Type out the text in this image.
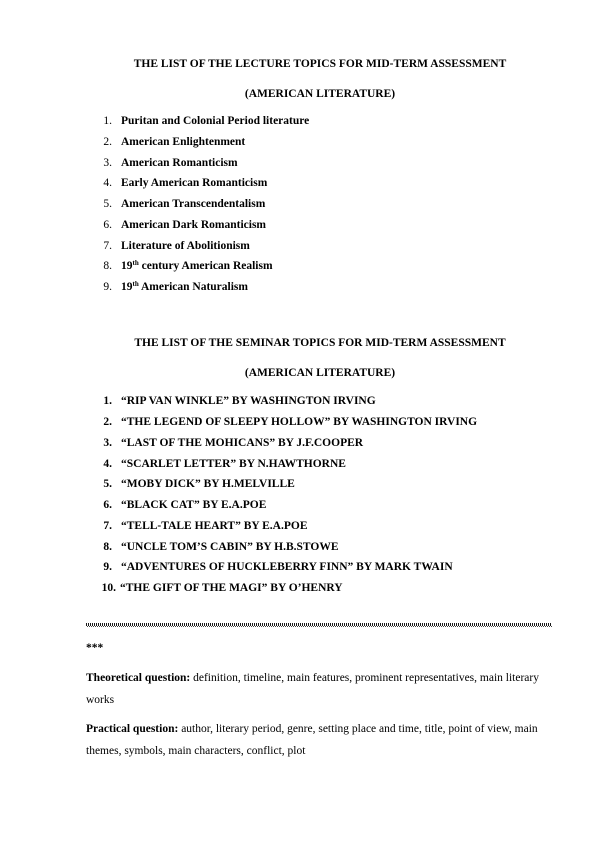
THE LIST OF THE LECTURE TOPICS FOR MID-TERM ASSESSMENT
(AMERICAN LITERATURE)
1. Puritan and Colonial Period literature
2. American Enlightenment
3. American Romanticism
4. Early American Romanticism
5. American Transcendentalism
6. American Dark Romanticism
7. Literature of Abolitionism
8. 19th century American Realism
9. 19th American Naturalism
THE LIST OF THE SEMINAR TOPICS FOR MID-TERM ASSESSMENT
(AMERICAN LITERATURE)
1. “RIP VAN WINKLE” BY WASHINGTON IRVING
2. “THE LEGEND OF SLEEPY HOLLOW” BY WASHINGTON IRVING
3. “LAST OF THE MOHICANS” BY J.F.COOPER
4. “SCARLET LETTER” BY N.HAWTHORNE
5. “MOBY DICK” BY H.MELVILLE
6. “BLACK CAT” BY E.A.POE
7. “TELL-TALE HEART” BY E.A.POE
8. “UNCLE TOM’S CABIN” BY H.B.STOWE
9. “ADVENTURES OF HUCKLEBERRY FINN” BY MARK TWAIN
10. “THE GIFT OF THE MAGI” BY O’HENRY
***
Theoretical question: definition, timeline, main features, prominent representatives, main literary works
Practical question: author, literary period, genre, setting place and time, title, point of view, main themes, symbols, main characters, conflict, plot
